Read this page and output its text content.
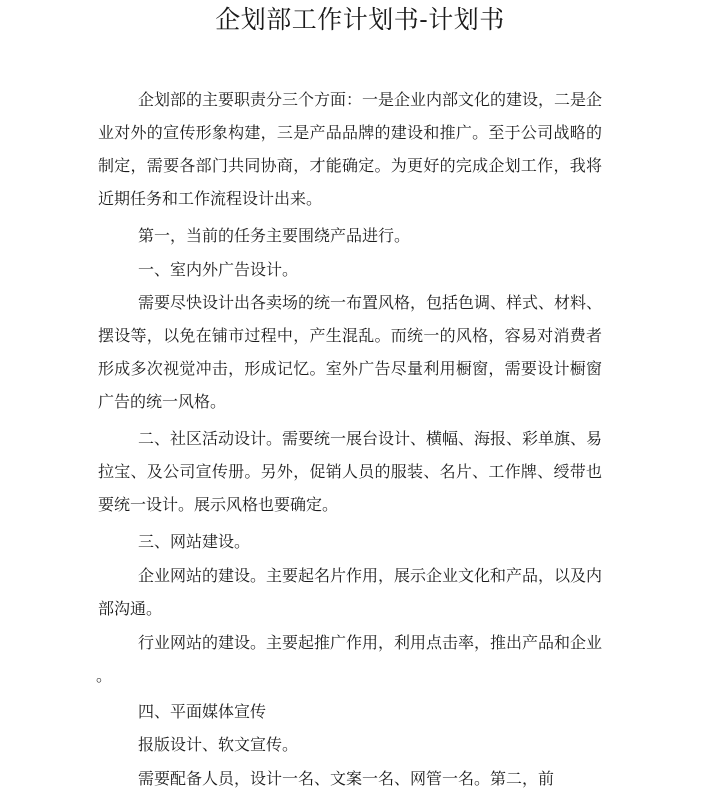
企划部工作计划书-计划书
企划部的主要职责分三个方面：一是企业内部文化的建设，二是企
业对外的宣传形象构建，三是产品品牌的建设和推广。至于公司战略的
制定，需要各部门共同协商，才能确定。为更好的完成企划工作，我将
近期任务和工作流程设计出来。
第一，当前的任务主要围绕产品进行。
一、室内外广告设计。
需要尽快设计出各卖场的统一布置风格，包括色调、样式、材料、
摆设等，以免在铺市过程中，产生混乱。而统一的风格，容易对消费者
形成多次视觉冲击，形成记忆。室外广告尽量利用橱窗，需要设计橱窗
广告的统一风格。
二、社区活动设计。需要统一展台设计、横幅、海报、彩单旗、易
拉宝、及公司宣传册。另外，促销人员的服装、名片、工作牌、绶带也
要统一设计。展示风格也要确定。
三、网站建设。
企业网站的建设。主要起名片作用，展示企业文化和产品，以及内
部沟通。
行业网站的建设。主要起推广作用，利用点击率，推出产品和企业
。
四、平面媒体宣传
报版设计、软文宣传。
需要配备人员，设计一名、文案一名、网管一名。第二，前
